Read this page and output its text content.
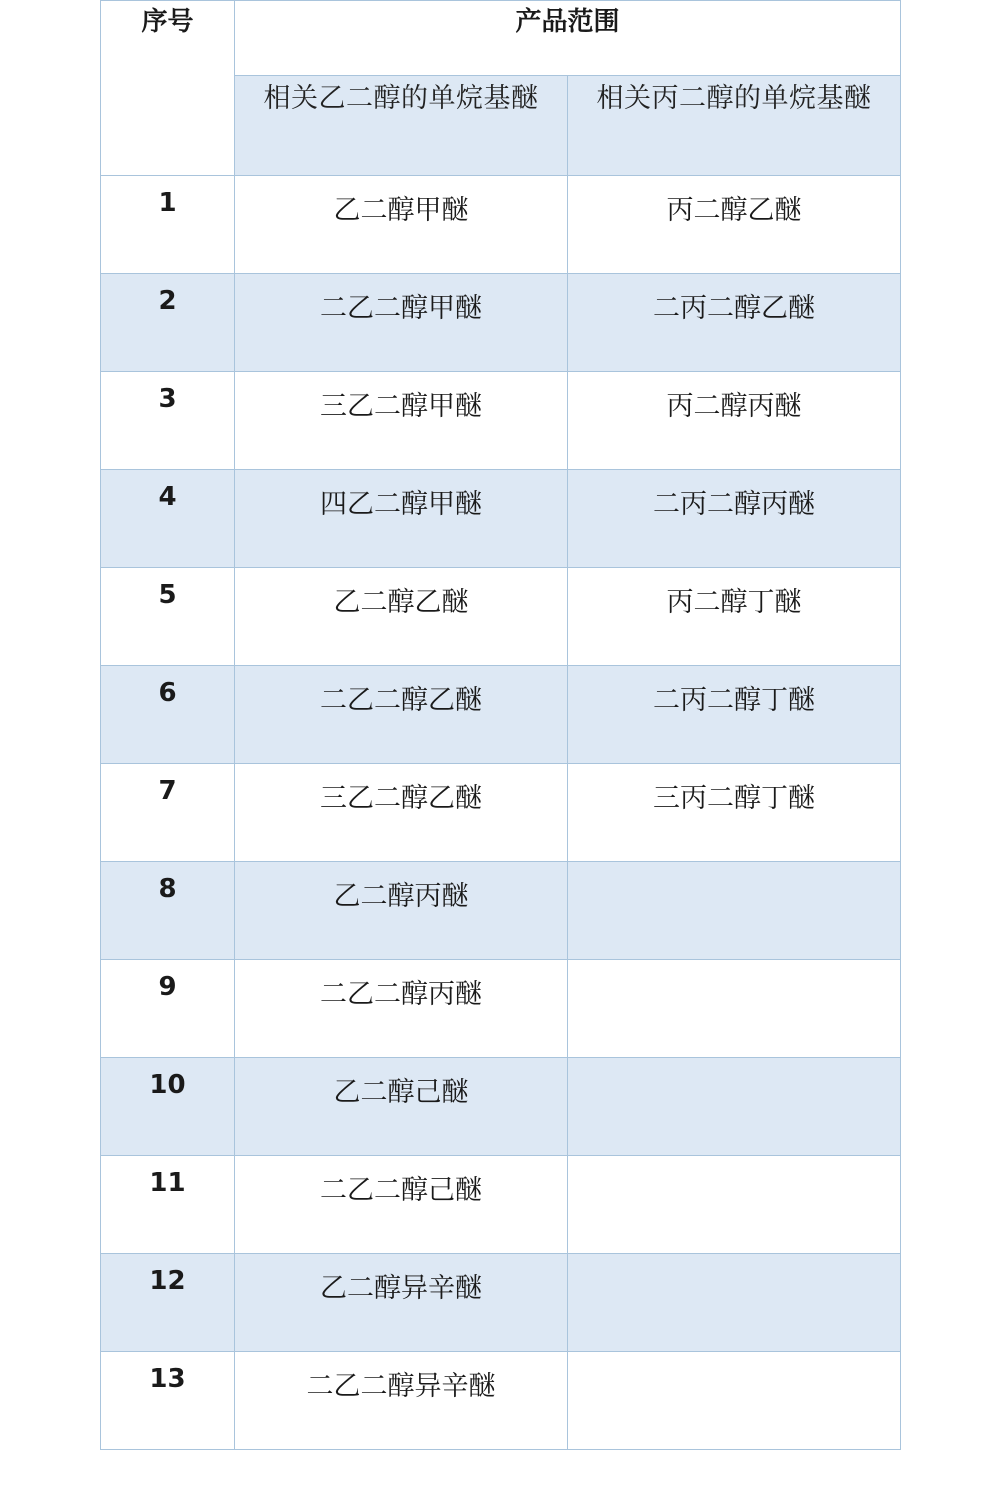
序号	产品范围	
	相关乙二醇的单烷基醚	相关丙二醇的单烷基醚
1	乙二醇甲醚	丙二醇乙醚
2	二乙二醇甲醚	二丙二醇乙醚
3	三乙二醇甲醚	丙二醇丙醚
4	四乙二醇甲醚	二丙二醇丙醚
5	乙二醇乙醚	丙二醇丁醚
6	二乙二醇乙醚	二丙二醇丁醚
7	三乙二醇乙醚	三丙二醇丁醚
8	乙二醇丙醚	
9	二乙二醇丙醚	
10	乙二醇己醚	
11	二乙二醇己醚	
12	乙二醇异辛醚	
13	二乙二醇异辛醚	
